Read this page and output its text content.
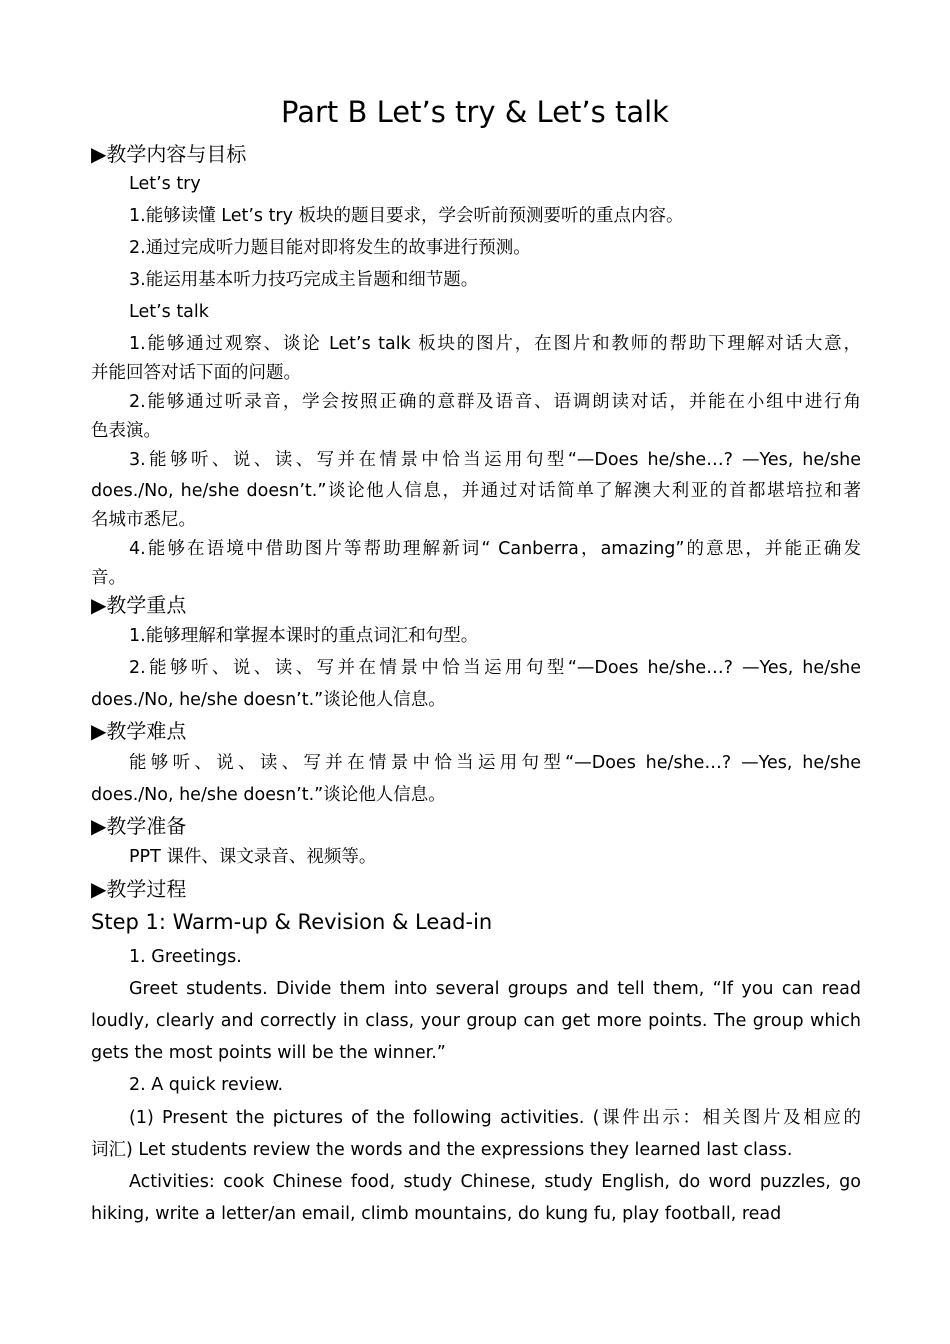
Part B Let’s try & Let’s talk
▶教学内容与目标
Let’s try
1.能够读懂 Let’s try 板块的题目要求，学会听前预测要听的重点内容。
2.通过完成听力题目能对即将发生的故事进行预测。
3.能运用基本听力技巧完成主旨题和细节题。
Let’s talk
1.能够通过观察、谈论 Let’s talk 板块的图片，在图片和教师的帮助下理解对话大意，
并能回答对话下面的问题。
2.能够通过听录音，学会按照正确的意群及语音、语调朗读对话，并能在小组中进行角
色表演。
3.能够听、说、读、写并在情景中恰当运用句型“—Does he/she…? —Yes, he/she
does./No, he/she doesn’t.”谈论他人信息，并通过对话简单了解澳大利亚的首都堪培拉和著
名城市悉尼。
4.能够在语境中借助图片等帮助理解新词“ Canberra，amazing”的意思，并能正确发
音。
▶教学重点
1.能够理解和掌握本课时的重点词汇和句型。
2.能够听、说、读、写并在情景中恰当运用句型“—Does he/she…? —Yes, he/she
does./No, he/she doesn’t.”谈论他人信息。
▶教学难点
能够听、说、读、写并在情景中恰当运用句型“—Does he/she…? —Yes, he/she
does./No, he/she doesn’t.”谈论他人信息。
▶教学准备
PPT 课件、课文录音、视频等。
▶教学过程
Step 1: Warm-up & Revision & Lead-in
1. Greetings.
Greet students. Divide them into several groups and tell them, “If you can read
loudly, clearly and correctly in class, your group can get more points. The group which
gets the most points will be the winner.”
2. A quick review.
(1) Present the pictures of the following activities. (课件出示：相关图片及相应的
词汇) Let students review the words and the expressions they learned last class.
Activities: cook Chinese food, study Chinese, study English, do word puzzles, go
hiking, write a letter/an email, climb mountains, do kung fu, play football, read
